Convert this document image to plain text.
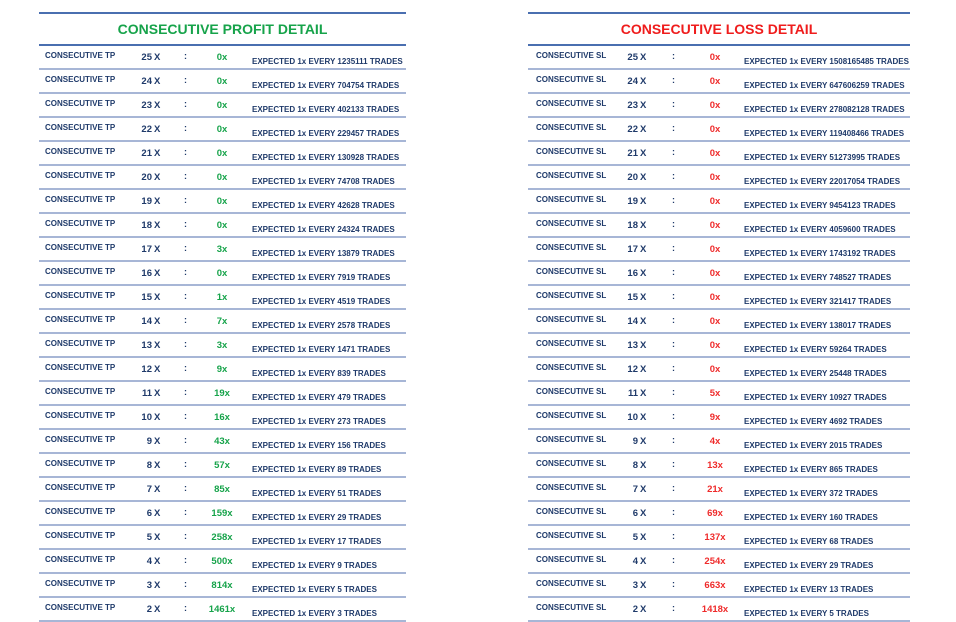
CONSECUTIVE PROFIT DETAIL
CONSECUTIVE TP	25 X	:	0x	EXPECTED 1x EVERY 1235111 TRADES
CONSECUTIVE TP	24 X	:	0x	EXPECTED 1x EVERY 704754 TRADES
CONSECUTIVE TP	23 X	:	0x	EXPECTED 1x EVERY 402133 TRADES
CONSECUTIVE TP	22 X	:	0x	EXPECTED 1x EVERY 229457 TRADES
CONSECUTIVE TP	21 X	:	0x	EXPECTED 1x EVERY 130928 TRADES
CONSECUTIVE TP	20 X	:	0x	EXPECTED 1x EVERY 74708 TRADES
CONSECUTIVE TP	19 X	:	0x	EXPECTED 1x EVERY 42628 TRADES
CONSECUTIVE TP	18 X	:	0x	EXPECTED 1x EVERY 24324 TRADES
CONSECUTIVE TP	17 X	:	3x	EXPECTED 1x EVERY 13879 TRADES
CONSECUTIVE TP	16 X	:	0x	EXPECTED 1x EVERY 7919 TRADES
CONSECUTIVE TP	15 X	:	1x	EXPECTED 1x EVERY 4519 TRADES
CONSECUTIVE TP	14 X	:	7x	EXPECTED 1x EVERY 2578 TRADES
CONSECUTIVE TP	13 X	:	3x	EXPECTED 1x EVERY 1471 TRADES
CONSECUTIVE TP	12 X	:	9x	EXPECTED 1x EVERY 839 TRADES
CONSECUTIVE TP	11 X	:	19x	EXPECTED 1x EVERY 479 TRADES
CONSECUTIVE TP	10 X	:	16x	EXPECTED 1x EVERY 273 TRADES
CONSECUTIVE TP	9 X	:	43x	EXPECTED 1x EVERY 156 TRADES
CONSECUTIVE TP	8 X	:	57x	EXPECTED 1x EVERY 89 TRADES
CONSECUTIVE TP	7 X	:	85x	EXPECTED 1x EVERY 51 TRADES
CONSECUTIVE TP	6 X	:	159x	EXPECTED 1x EVERY 29 TRADES
CONSECUTIVE TP	5 X	:	258x	EXPECTED 1x EVERY 17 TRADES
CONSECUTIVE TP	4 X	:	500x	EXPECTED 1x EVERY 9 TRADES
CONSECUTIVE TP	3 X	:	814x	EXPECTED 1x EVERY 5 TRADES
CONSECUTIVE TP	2 X	:	1461x	EXPECTED 1x EVERY 3 TRADES
CONSECUTIVE LOSS DETAIL
CONSECUTIVE SL	25 X	:	0x	EXPECTED 1x EVERY 1508165485 TRADES
CONSECUTIVE SL	24 X	:	0x	EXPECTED 1x EVERY 647606259 TRADES
CONSECUTIVE SL	23 X	:	0x	EXPECTED 1x EVERY 278082128 TRADES
CONSECUTIVE SL	22 X	:	0x	EXPECTED 1x EVERY 119408466 TRADES
CONSECUTIVE SL	21 X	:	0x	EXPECTED 1x EVERY 51273995 TRADES
CONSECUTIVE SL	20 X	:	0x	EXPECTED 1x EVERY 22017054 TRADES
CONSECUTIVE SL	19 X	:	0x	EXPECTED 1x EVERY 9454123 TRADES
CONSECUTIVE SL	18 X	:	0x	EXPECTED 1x EVERY 4059600 TRADES
CONSECUTIVE SL	17 X	:	0x	EXPECTED 1x EVERY 1743192 TRADES
CONSECUTIVE SL	16 X	:	0x	EXPECTED 1x EVERY 748527 TRADES
CONSECUTIVE SL	15 X	:	0x	EXPECTED 1x EVERY 321417 TRADES
CONSECUTIVE SL	14 X	:	0x	EXPECTED 1x EVERY 138017 TRADES
CONSECUTIVE SL	13 X	:	0x	EXPECTED 1x EVERY 59264 TRADES
CONSECUTIVE SL	12 X	:	0x	EXPECTED 1x EVERY 25448 TRADES
CONSECUTIVE SL	11 X	:	5x	EXPECTED 1x EVERY 10927 TRADES
CONSECUTIVE SL	10 X	:	9x	EXPECTED 1x EVERY 4692 TRADES
CONSECUTIVE SL	9 X	:	4x	EXPECTED 1x EVERY 2015 TRADES
CONSECUTIVE SL	8 X	:	13x	EXPECTED 1x EVERY 865 TRADES
CONSECUTIVE SL	7 X	:	21x	EXPECTED 1x EVERY 372 TRADES
CONSECUTIVE SL	6 X	:	69x	EXPECTED 1x EVERY 160 TRADES
CONSECUTIVE SL	5 X	:	137x	EXPECTED 1x EVERY 68 TRADES
CONSECUTIVE SL	4 X	:	254x	EXPECTED 1x EVERY 29 TRADES
CONSECUTIVE SL	3 X	:	663x	EXPECTED 1x EVERY 13 TRADES
CONSECUTIVE SL	2 X	:	1418x	EXPECTED 1x EVERY 5 TRADES
